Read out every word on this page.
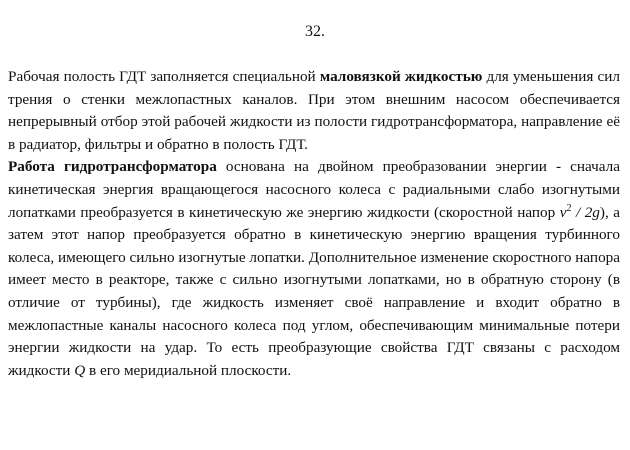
32.

Рабочая полость ГДТ заполняется специальной маловязкой жидкостью для уменьшения сил трения о стенки межлопастных каналов. При этом внешним насосом обеспечивается непрерывный отбор этой рабочей жидкости из полости гидротрансформатора, направление её в радиатор, фильтры и обратно в полость ГДТ.

Работа гидротрансформатора основана на двойном преобразовании энергии - сначала кинетическая энергия вращающегося насосного колеса с радиальными слабо изогнутыми лопатками преобразуется в кинетическую же энергию жидкости (скоростной напор $v^2 / 2g$), а затем этот напор преобразуется обратно в кинетическую энергию вращения турбинного колеса, имеющего сильно изогнутые лопатки. Дополнительное изменение скоростного напора имеет место в реакторе, также с сильно изогнутыми лопатками, но в обратную сторону (в отличие от турбины), где жидкость изменяет своё направление и входит обратно в межлопастные каналы насосного колеса под углом, обеспечивающим минимальные потери энергии жидкости на удар. То есть преобразующие свойства ГДТ связаны с расходом жидкости Q в его меридиальной плоскости.
